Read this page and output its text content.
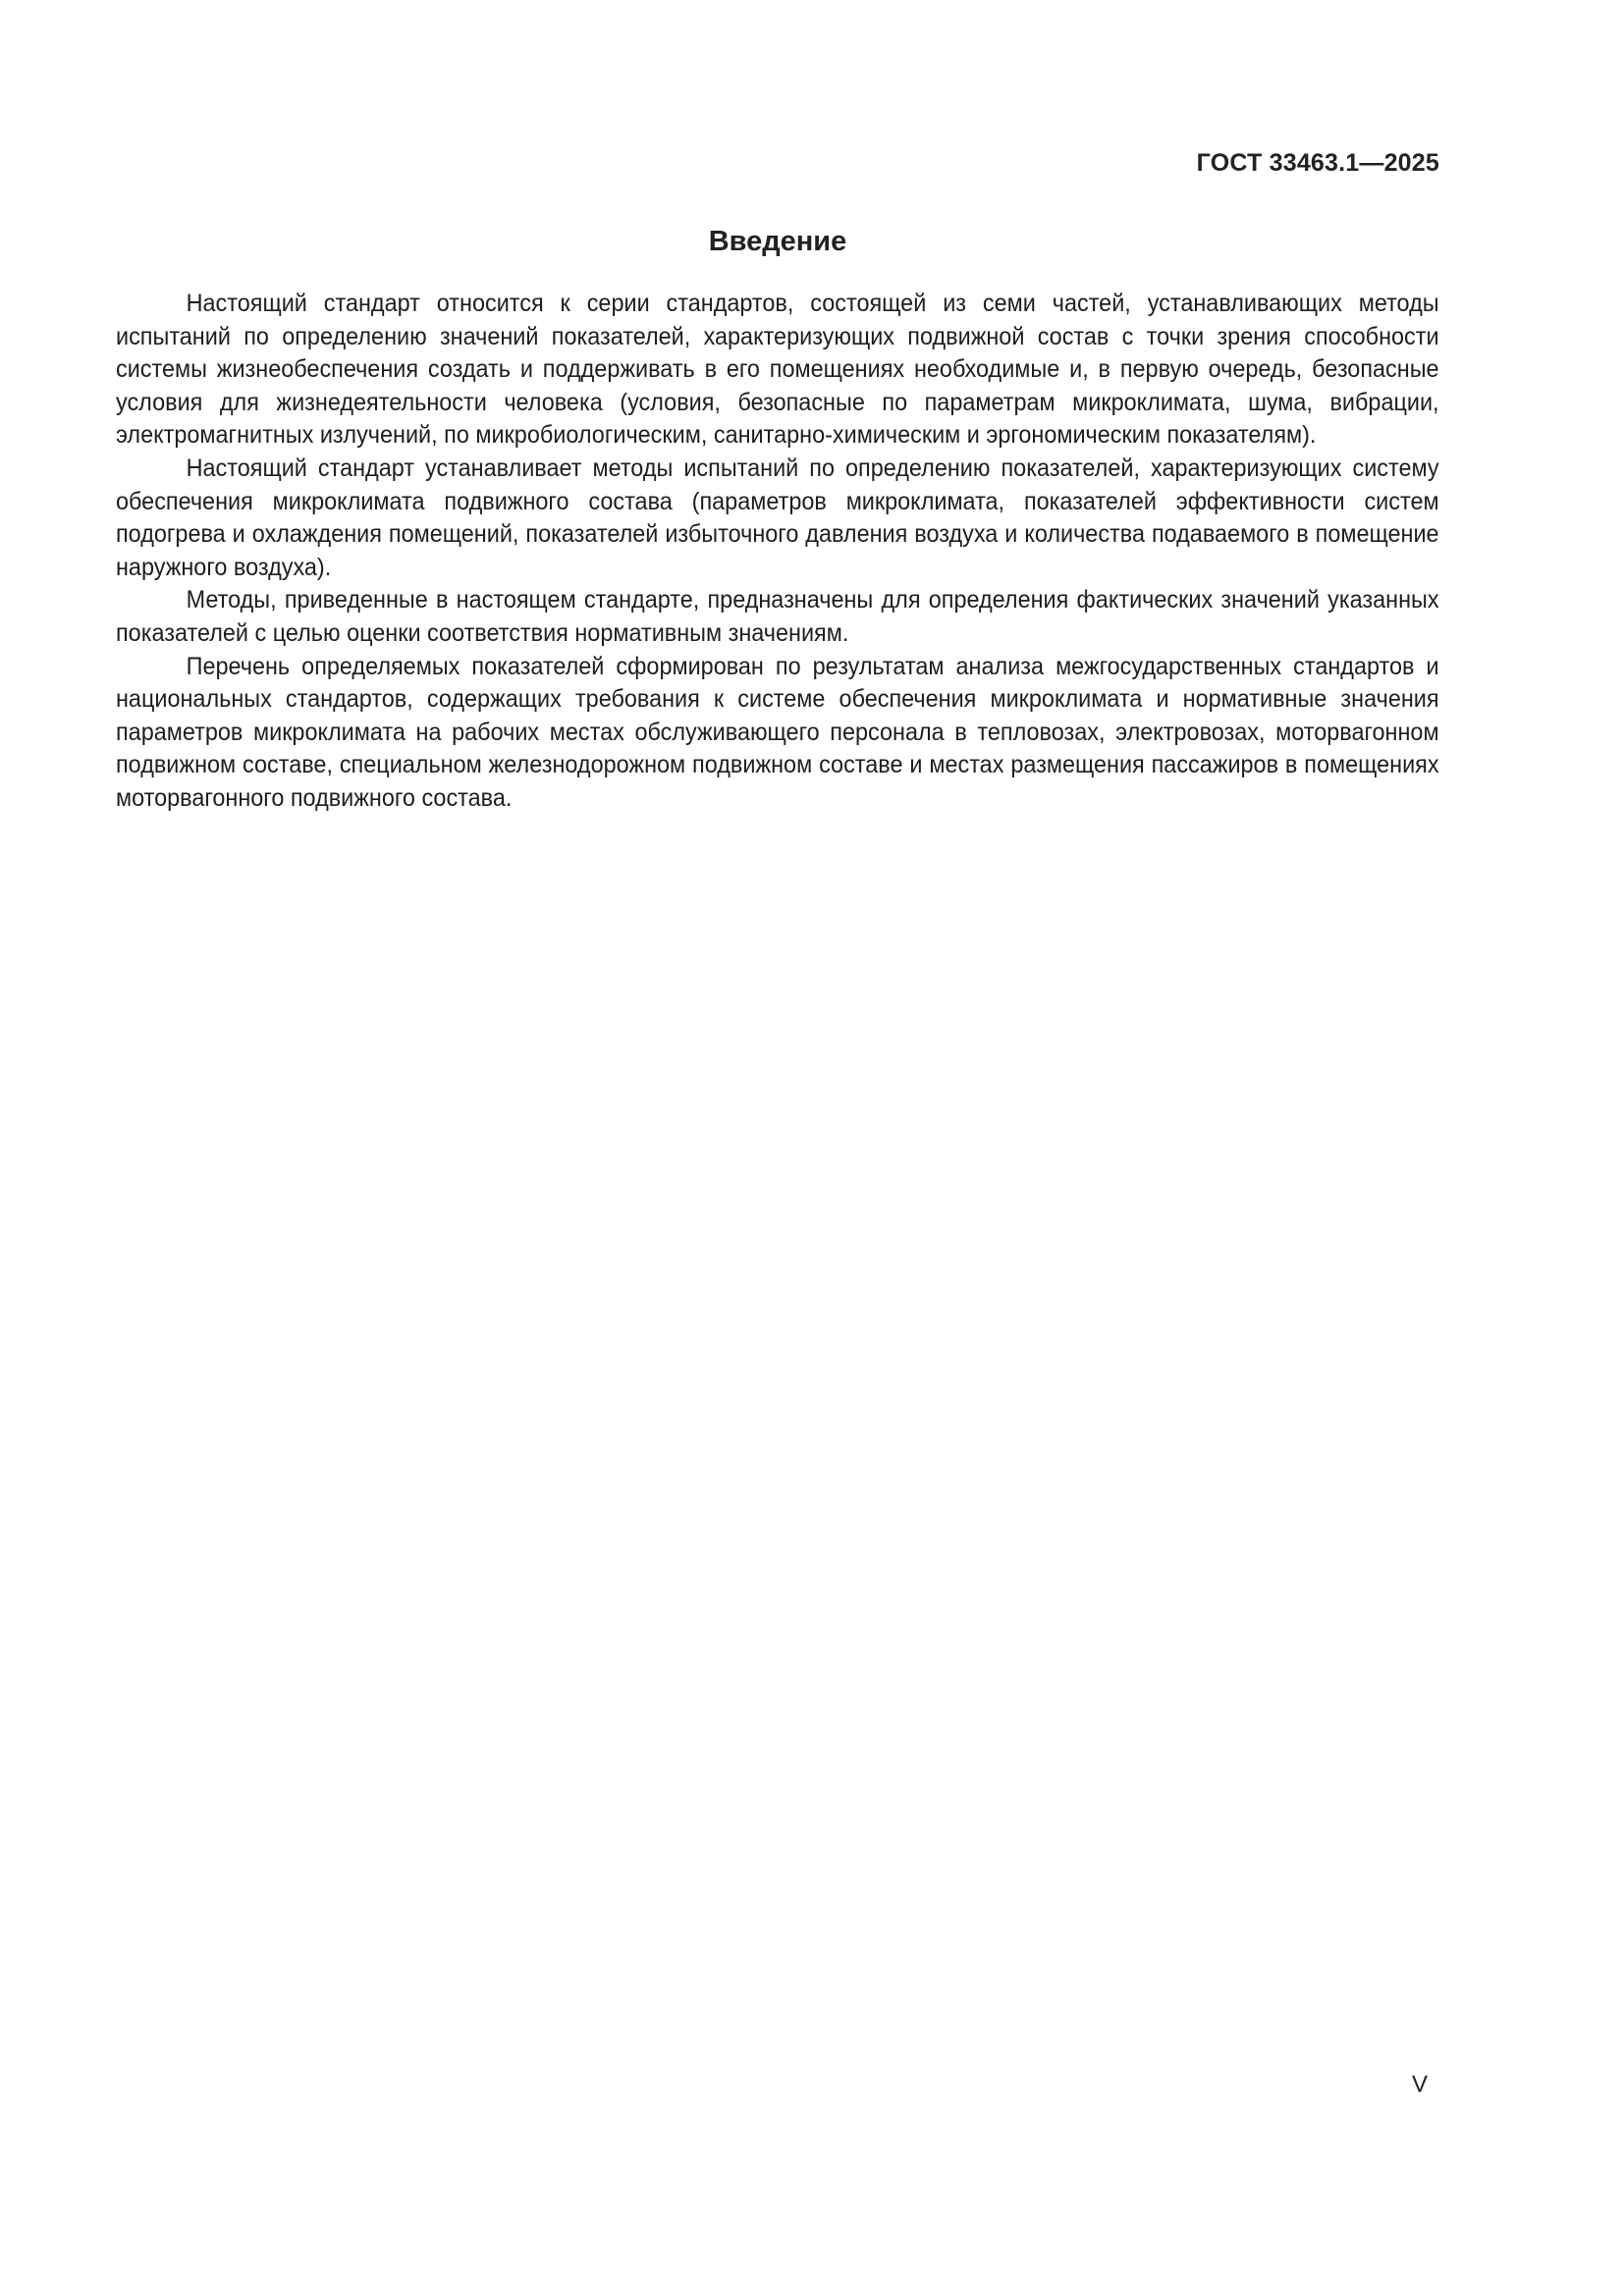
ГОСТ 33463.1—2025
Введение

Настоящий стандарт относится к серии стандартов, состоящей из семи частей, устанавливающих методы испытаний по определению значений показателей, характеризующих подвижной состав с точки зрения способности системы жизнеобеспечения создать и поддерживать в его помещениях необходимые и, в первую очередь, безопасные условия для жизнедеятельности человека (условия, безопасные по параметрам микроклимата, шума, вибрации, электромагнитных излучений, по микробиологическим, санитарно-химическим и эргономическим показателям).

Настоящий стандарт устанавливает методы испытаний по определению показателей, характеризующих систему обеспечения микроклимата подвижного состава (параметров микроклимата, показателей эффективности систем подогрева и охлаждения помещений, показателей избыточного давления воздуха и количества подаваемого в помещение наружного воздуха).

Методы, приведенные в настоящем стандарте, предназначены для определения фактических значений указанных показателей с целью оценки соответствия нормативным значениям.

Перечень определяемых показателей сформирован по результатам анализа межгосударственных стандартов и национальных стандартов, содержащих требования к системе обеспечения микроклимата и нормативные значения параметров микроклимата на рабочих местах обслуживающего персонала в тепловозах, электровозах, моторвагонном подвижном составе, специальном железнодорожном подвижном составе и местах размещения пассажиров в помещениях моторвагонного подвижного состава.

V
